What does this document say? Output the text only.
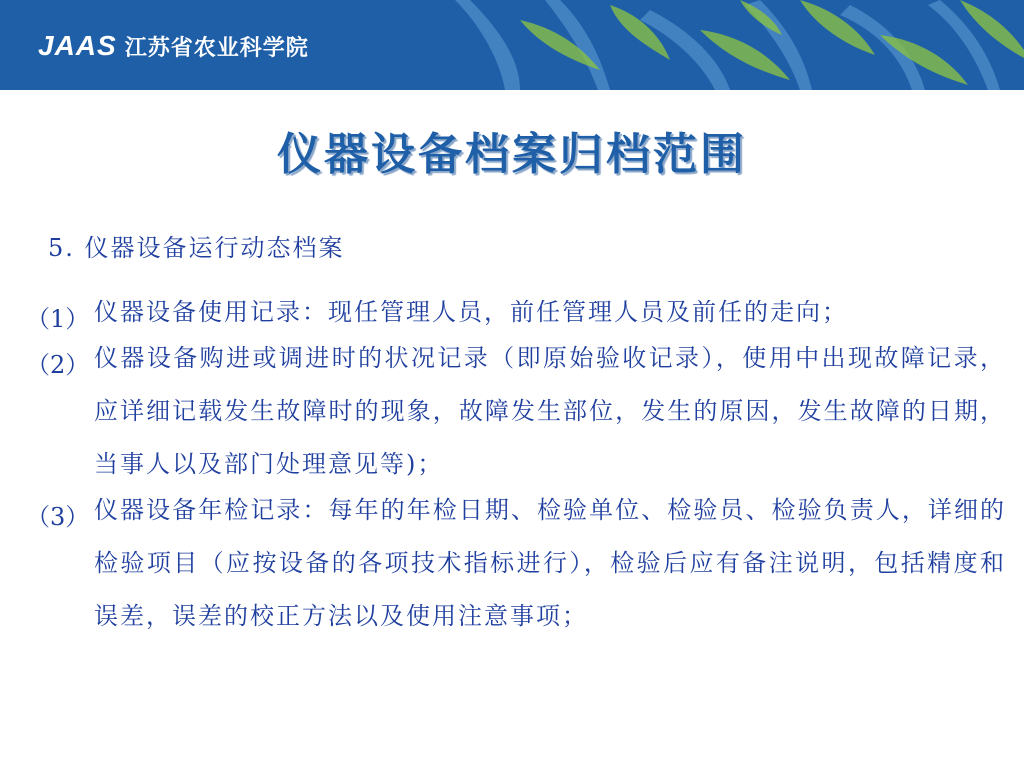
JAAS 江苏省农业科学院
仪器设备档案归档范围
5. 仪器设备运行动态档案
（1） 仪器设备使用记录：现任管理人员，前任管理人员及前任的走向；
（2） 仪器设备购进或调进时的状况记录（即原始验收记录），使用中出现故障记录，应详细记载发生故障时的现象，故障发生部位，发生的原因，发生故障的日期，当事人以及部门处理意见等)；
（3） 仪器设备年检记录：每年的年检日期、检验单位、检验员、检验负责人，详细的检验项目（应按设备的各项技术指标进行），检验后应有备注说明，包括精度和误差，误差的校正方法以及使用注意事项；
